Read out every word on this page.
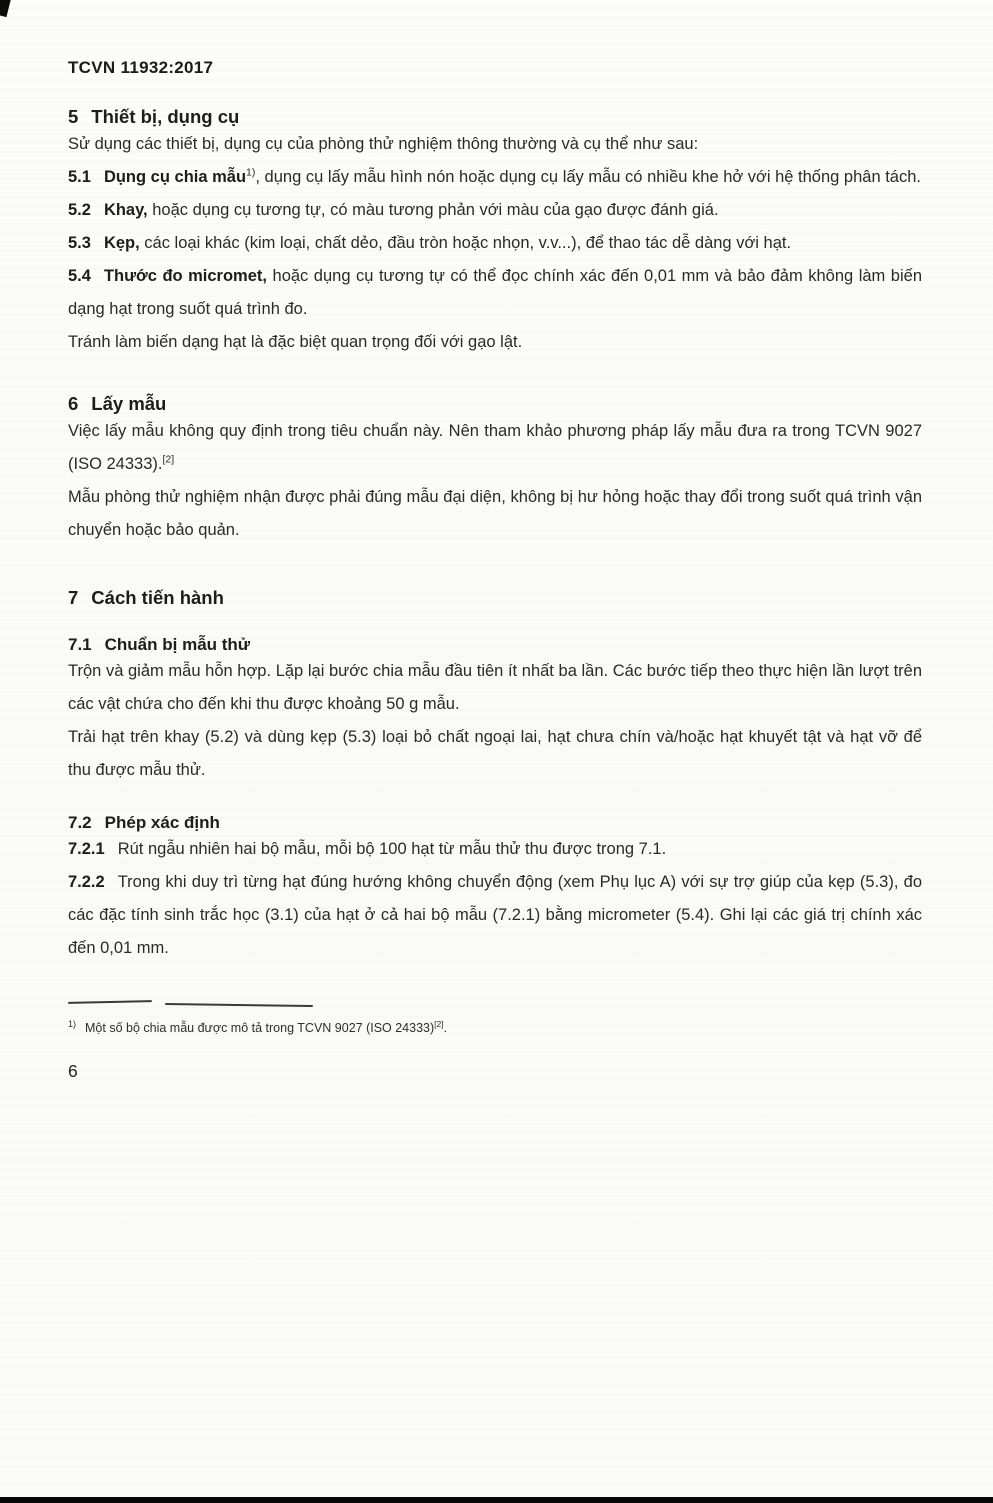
TCVN 11932:2017
5 Thiết bị, dụng cụ

Sử dụng các thiết bị, dụng cụ của phòng thử nghiệm thông thường và cụ thể như sau:

5.1 Dụng cụ chia mẫu$^{1)}$, dụng cụ lấy mẫu hình nón hoặc dụng cụ lấy mẫu có nhiều khe hở với hệ thống phân tách.

5.2 Khay, hoặc dụng cụ tương tự, có màu tương phản với màu của gạo được đánh giá.

5.3 Kẹp, các loại khác (kim loại, chất dẻo, đầu tròn hoặc nhọn, v.v...), để thao tác dễ dàng với hạt.

5.4 Thước đo micromet, hoặc dụng cụ tương tự có thể đọc chính xác đến 0,01 mm và bảo đảm không làm biến dạng hạt trong suốt quá trình đo.

Tránh làm biến dạng hạt là đặc biệt quan trọng đối với gạo lật.

6 Lấy mẫu

Việc lấy mẫu không quy định trong tiêu chuẩn này. Nên tham khảo phương pháp lấy mẫu đưa ra trong TCVN 9027 (ISO 24333).[2]

Mẫu phòng thử nghiệm nhận được phải đúng mẫu đại diện, không bị hư hỏng hoặc thay đổi trong suốt quá trình vận chuyển hoặc bảo quản.

7 Cách tiến hành
7.1 Chuẩn bị mẫu thử

Trộn và giảm mẫu hỗn hợp. Lặp lại bước chia mẫu đầu tiên ít nhất ba lần. Các bước tiếp theo thực hiện lần lượt trên các vật chứa cho đến khi thu được khoảng 50 g mẫu.

Trải hạt trên khay (5.2) và dùng kẹp (5.3) loại bỏ chất ngoại lai, hạt chưa chín và/hoặc hạt khuyết tật và hạt vỡ để thu được mẫu thử.

7.2 Phép xác định

7.2.1 Rút ngẫu nhiên hai bộ mẫu, mỗi bộ 100 hạt từ mẫu thử thu được trong 7.1.

7.2.2 Trong khi duy trì từng hạt đúng hướng không chuyển động (xem Phụ lục A) với sự trợ giúp của kẹp (5.3), đo các đặc tính sinh trắc học (3.1) của hạt ở cả hai bộ mẫu (7.2.1) bằng micrometer (5.4). Ghi lại các giá trị chính xác đến 0,01 mm.

$^{1)}$ Một số bộ chia mẫu được mô tả trong TCVN 9027 (ISO 24333)[2].
6
